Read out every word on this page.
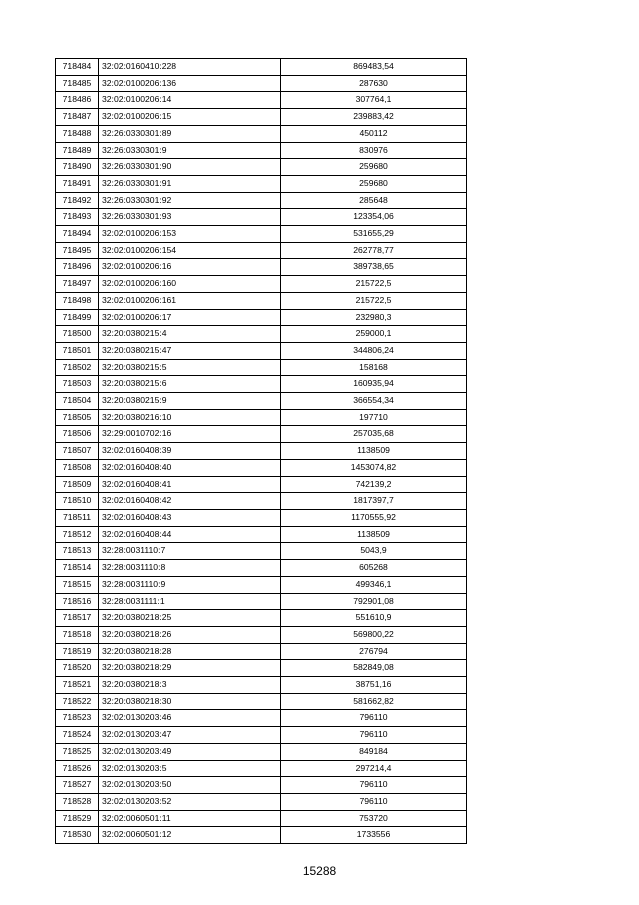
718484	32:02:0160410:228	869483,54
718485	32:02:0100206:136	287630
718486	32:02:0100206:14	307764,1
718487	32:02:0100206:15	239883,42
718488	32:26:0330301:89	450112
718489	32:26:0330301:9	830976
718490	32:26:0330301:90	259680
718491	32:26:0330301:91	259680
718492	32:26:0330301:92	285648
718493	32:26:0330301:93	123354,06
718494	32:02:0100206:153	531655,29
718495	32:02:0100206:154	262778,77
718496	32:02:0100206:16	389738,65
718497	32:02:0100206:160	215722,5
718498	32:02:0100206:161	215722,5
718499	32:02:0100206:17	232980,3
718500	32:20:0380215:4	259000,1
718501	32:20:0380215:47	344806,24
718502	32:20:0380215:5	158168
718503	32:20:0380215:6	160935,94
718504	32:20:0380215:9	366554,34
718505	32:20:0380216:10	197710
718506	32:29:0010702:16	257035,68
718507	32:02:0160408:39	1138509
718508	32:02:0160408:40	1453074,82
718509	32:02:0160408:41	742139,2
718510	32:02:0160408:42	1817397,7
718511	32:02:0160408:43	1170555,92
718512	32:02:0160408:44	1138509
718513	32:28:0031110:7	5043,9
718514	32:28:0031110:8	605268
718515	32:28:0031110:9	499346,1
718516	32:28:0031111:1	792901,08
718517	32:20:0380218:25	551610,9
718518	32:20:0380218:26	569800,22
718519	32:20:0380218:28	276794
718520	32:20:0380218:29	582849,08
718521	32:20:0380218:3	38751,16
718522	32:20:0380218:30	581662,82
718523	32:02:0130203:46	796110
718524	32:02:0130203:47	796110
718525	32:02:0130203:49	849184
718526	32:02:0130203:5	297214,4
718527	32:02:0130203:50	796110
718528	32:02:0130203:52	796110
718529	32:02:0060501:11	753720
718530	32:02:0060501:12	1733556
15288
